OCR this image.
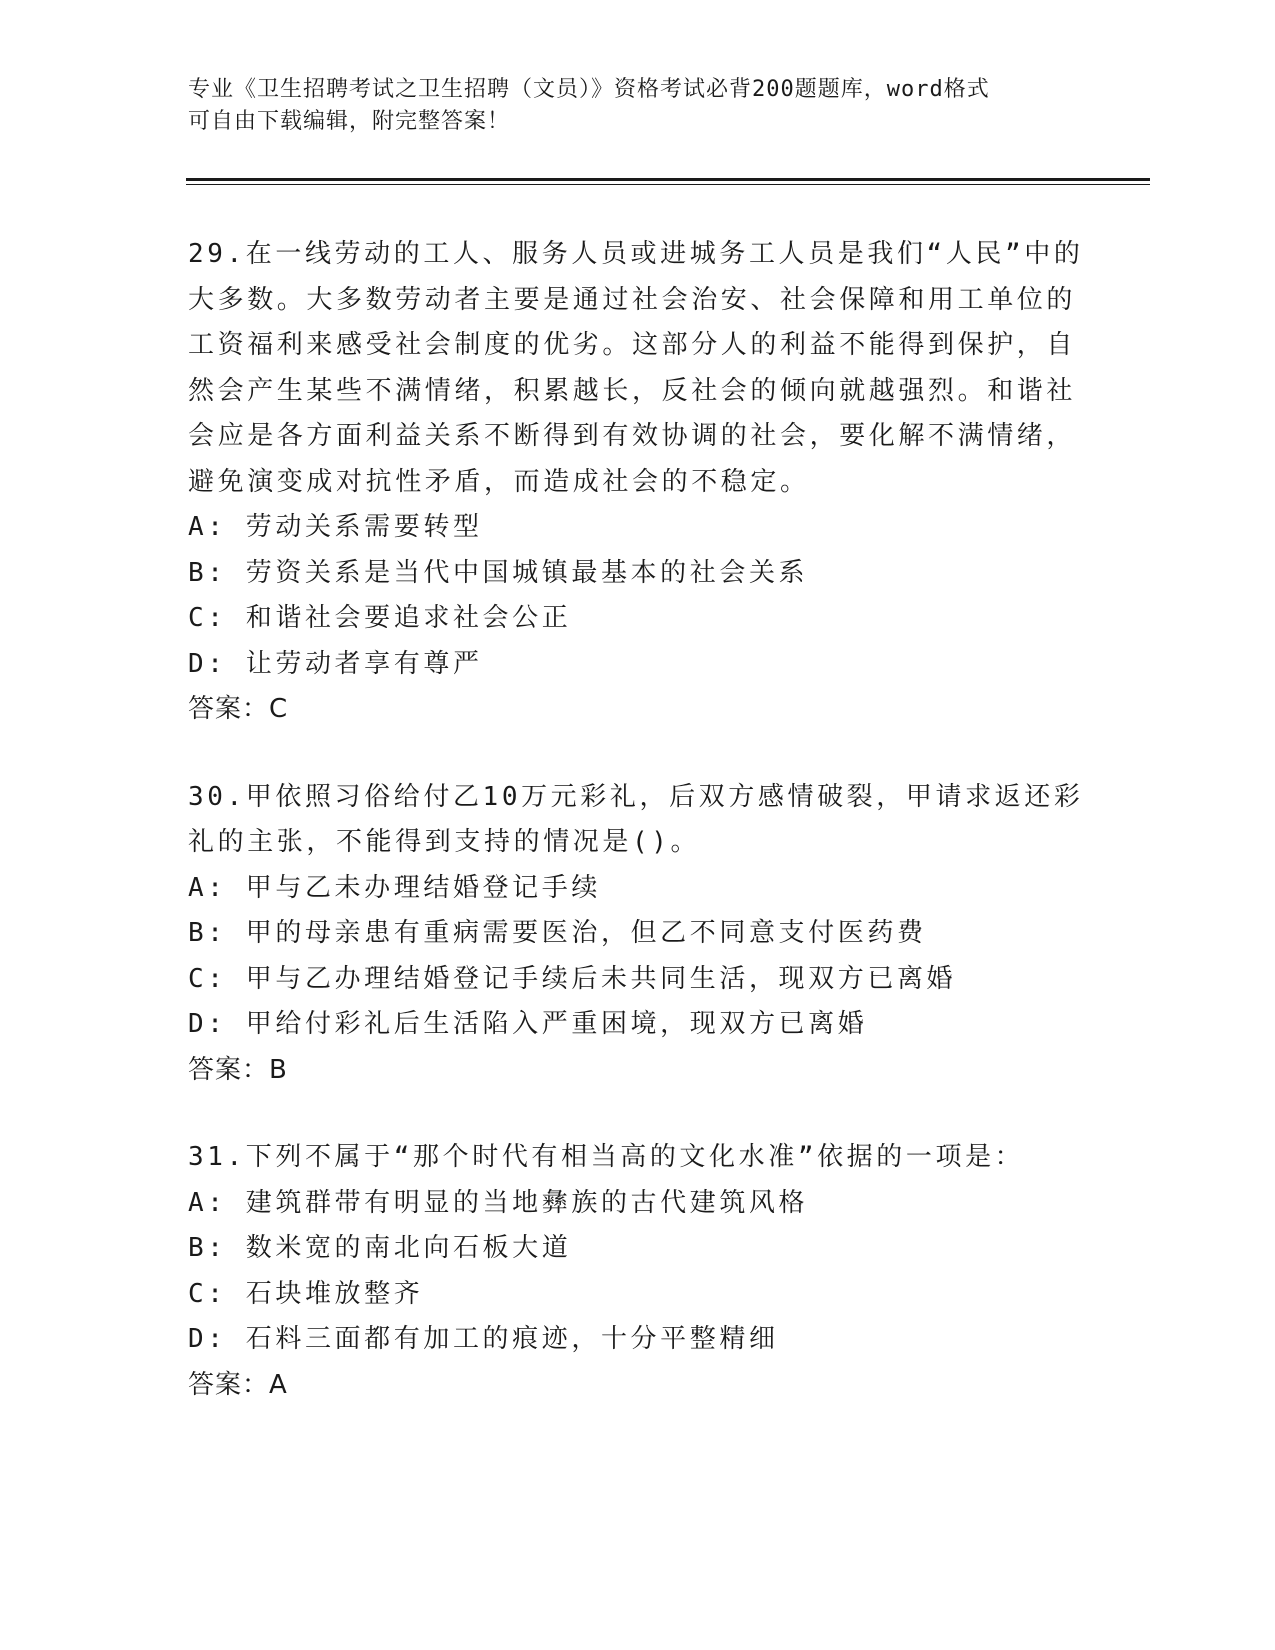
专业《卫生招聘考试之卫生招聘（文员）》资格考试必背200题题库，word格式
可自由下载编辑，附完整答案！
29.在一线劳动的工人、服务人员或进城务工人员是我们“人民”中的
大多数。大多数劳动者主要是通过社会治安、社会保障和用工单位的
工资福利来感受社会制度的优劣。这部分人的利益不能得到保护，自
然会产生某些不满情绪，积累越长，反社会的倾向就越强烈。和谐社
会应是各方面利益关系不断得到有效协调的社会，要化解不满情绪，
避免演变成对抗性矛盾，而造成社会的不稳定。
A: 劳动关系需要转型
B: 劳资关系是当代中国城镇最基本的社会关系
C: 和谐社会要追求社会公正
D: 让劳动者享有尊严
答案：C
30.甲依照习俗给付乙10万元彩礼，后双方感情破裂，甲请求返还彩
礼的主张，不能得到支持的情况是()。
A: 甲与乙未办理结婚登记手续
B: 甲的母亲患有重病需要医治，但乙不同意支付医药费
C: 甲与乙办理结婚登记手续后未共同生活，现双方已离婚
D: 甲给付彩礼后生活陷入严重困境，现双方已离婚
答案：B
31.下列不属于“那个时代有相当高的文化水准”依据的一项是：
A: 建筑群带有明显的当地彝族的古代建筑风格
B: 数米宽的南北向石板大道
C: 石块堆放整齐
D: 石料三面都有加工的痕迹，十分平整精细
答案：A
